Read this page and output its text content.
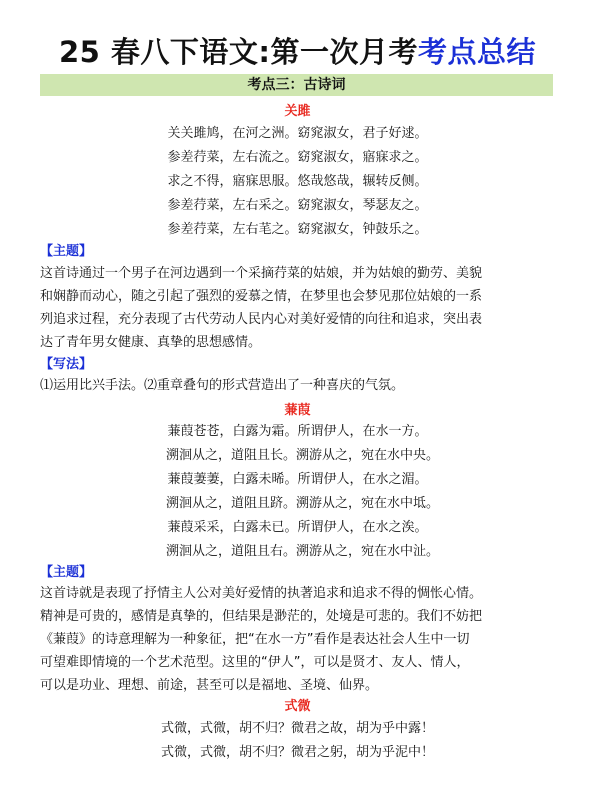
25 春八下语文:第一次月考考点总结
考点三：古诗词
关雎
关关雎鸠，在河之洲。窈窕淑女，君子好逑。
参差荇菜，左右流之。窈窕淑女，寤寐求之。
求之不得，寤寐思服。悠哉悠哉，辗转反侧。
参差荇菜，左右采之。窈窕淑女，琴瑟友之。
参差荇菜，左右芼之。窈窕淑女，钟鼓乐之。
【主题】
这首诗通过一个男子在河边遇到一个采摘荇菜的姑娘，并为姑娘的勤劳、美貌
和娴静而动心，随之引起了强烈的爱慕之情，在梦里也会梦见那位姑娘的一系
列追求过程，充分表现了古代劳动人民内心对美好爱情的向往和追求，突出表
达了青年男女健康、真挚的思想感情。
【写法】
⑴运用比兴手法。⑵重章叠句的形式营造出了一种喜庆的气氛。
蒹葭
蒹葭苍苍，白露为霜。所谓伊人，在水一方。
溯洄从之，道阻且长。溯游从之，宛在水中央。
蒹葭萋萋，白露未晞。所谓伊人，在水之湄。
溯洄从之，道阻且跻。溯游从之，宛在水中坻。
蒹葭采采，白露未已。所谓伊人，在水之涘。
溯洄从之，道阻且右。溯游从之，宛在水中沚。
【主题】
这首诗就是表现了抒情主人公对美好爱情的执著追求和追求不得的惆怅心情。
精神是可贵的，感情是真挚的，但结果是渺茫的，处境是可悲的。我们不妨把
《蒹葭》的诗意理解为一种象征，把“在水一方”看作是表达社会人生中一切
可望难即情境的一个艺术范型。这里的“伊人”，可以是贤才、友人、情人，
可以是功业、理想、前途，甚至可以是福地、圣境、仙界。
式微
式微，式微，胡不归？微君之故，胡为乎中露！
式微，式微，胡不归？微君之躬，胡为乎泥中！
